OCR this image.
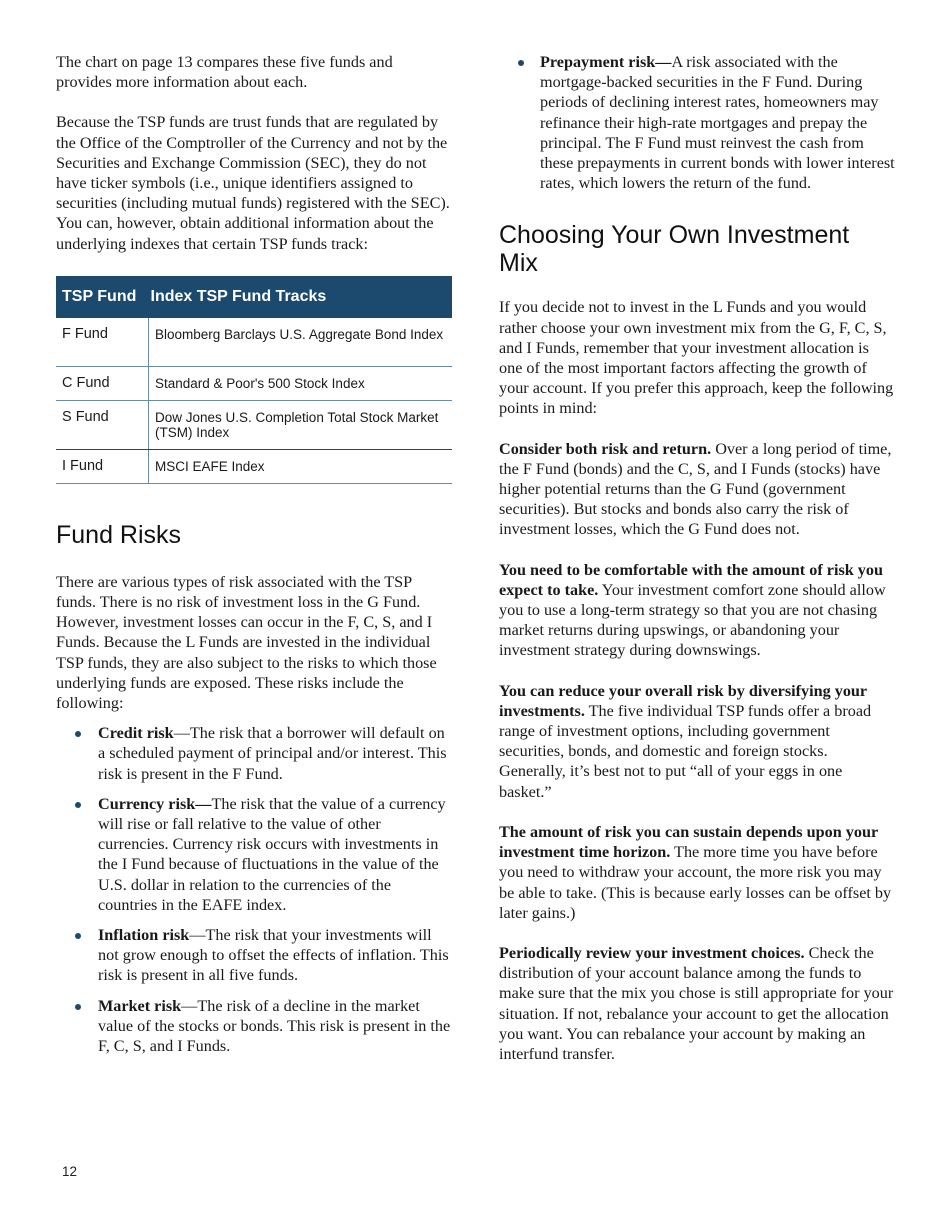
The chart on page 13 compares these five funds and provides more information about each.

Because the TSP funds are trust funds that are regulated by the Office of the Comptroller of the Currency and not by the Securities and Exchange Commission (SEC), they do not have ticker symbols (i.e., unique identifiers assigned to securities (including mutual funds) registered with the SEC). You can, however, obtain additional information about the underlying indexes that certain TSP funds track:

TSP Fund	Index TSP Fund Tracks
F Fund	Bloomberg Barclays U.S. Aggregate Bond Index
C Fund	Standard & Poor's 500 Stock Index
S Fund	Dow Jones U.S. Completion Total Stock Market (TSM) Index
I Fund	MSCI EAFE Index
Fund Risks

There are various types of risk associated with the TSP funds. There is no risk of investment loss in the G Fund. However, investment losses can occur in the F, C, S, and I Funds. Because the L Funds are invested in the individual TSP funds, they are also subject to the risks to which those underlying funds are exposed. These risks include the following:

Credit risk—The risk that a borrower will default on a scheduled payment of principal and/or interest. This risk is present in the F Fund.
Currency risk—The risk that the value of a currency will rise or fall relative to the value of other currencies. Currency risk occurs with investments in the I Fund because of fluctuations in the value of the U.S. dollar in relation to the currencies of the countries in the EAFE index.
Inflation risk—The risk that your investments will not grow enough to offset the effects of inflation. This risk is present in all five funds.
Market risk—The risk of a decline in the market value of the stocks or bonds. This risk is present in the F, C, S, and I Funds.
Prepayment risk—A risk associated with the mortgage-backed securities in the F Fund. During periods of declining interest rates, homeowners may refinance their high-rate mortgages and prepay the principal. The F Fund must reinvest the cash from these prepayments in current bonds with lower interest rates, which lowers the return of the fund.
Choosing Your Own Investment Mix

If you decide not to invest in the L Funds and you would rather choose your own investment mix from the G, F, C, S, and I Funds, remember that your investment allocation is one of the most important factors affecting the growth of your account. If you prefer this approach, keep the following points in mind:

Consider both risk and return. Over a long period of time, the F Fund (bonds) and the C, S, and I Funds (stocks) have higher potential returns than the G Fund (government securities). But stocks and bonds also carry the risk of investment losses, which the G Fund does not.

You need to be comfortable with the amount of risk you expect to take. Your investment comfort zone should allow you to use a long-term strategy so that you are not chasing market returns during upswings, or abandoning your investment strategy during downswings.

You can reduce your overall risk by diversifying your investments. The five individual TSP funds offer a broad range of investment options, including government securities, bonds, and domestic and foreign stocks. Generally, it’s best not to put “all of your eggs in one basket.”

The amount of risk you can sustain depends upon your investment time horizon. The more time you have before you need to withdraw your account, the more risk you may be able to take. (This is because early losses can be offset by later gains.)

Periodically review your investment choices. Check the distribution of your account balance among the funds to make sure that the mix you chose is still appropriate for your situation. If not, rebalance your account to get the allocation you want. You can rebalance your account by making an interfund transfer.

12
